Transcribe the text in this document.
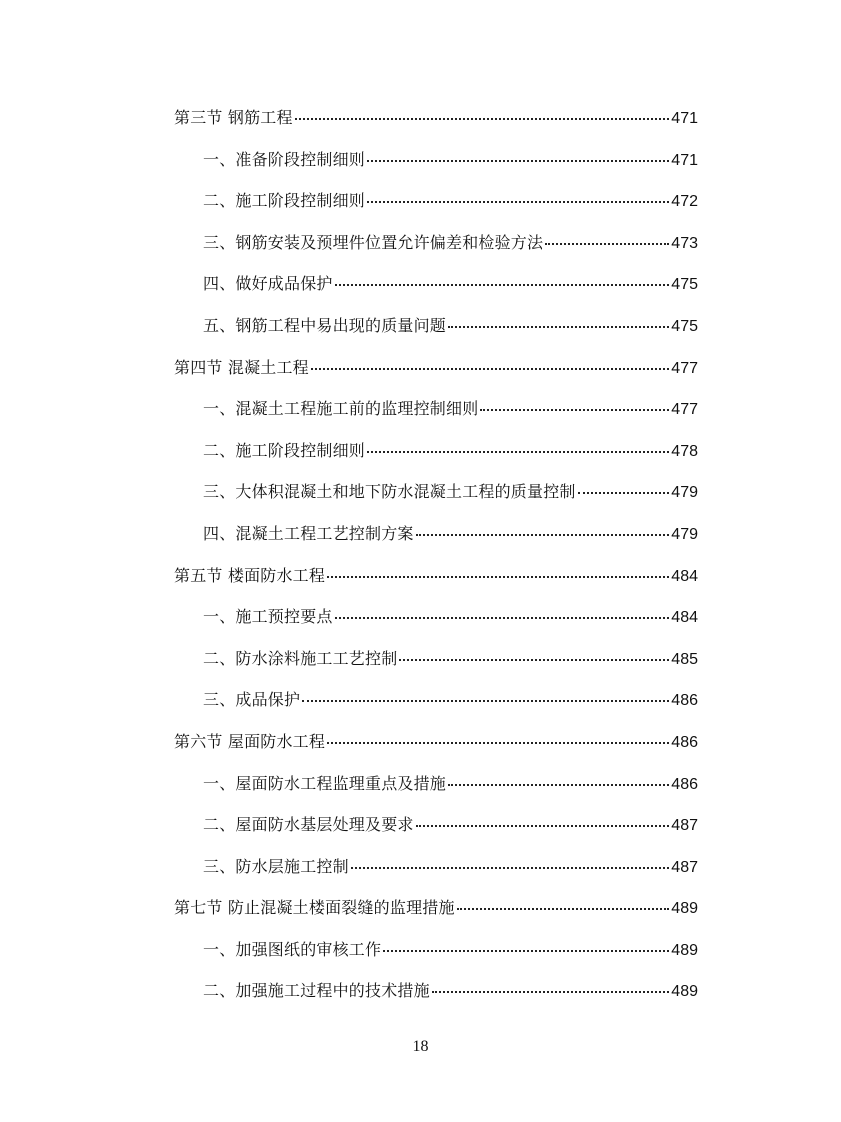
第三节 钢筋工程	471
一、准备阶段控制细则	471
二、施工阶段控制细则	472
三、钢筋安装及预埋件位置允许偏差和检验方法	473
四、做好成品保护	475
五、钢筋工程中易出现的质量问题	475
第四节 混凝土工程	477
一、混凝土工程施工前的监理控制细则	477
二、施工阶段控制细则	478
三、大体积混凝土和地下防水混凝土工程的质量控制	479
四、混凝土工程工艺控制方案	479
第五节 楼面防水工程	484
一、施工预控要点	484
二、防水涂料施工工艺控制	485
三、成品保护	486
第六节 屋面防水工程	486
一、屋面防水工程监理重点及措施	486
二、屋面防水基层处理及要求	487
三、防水层施工控制	487
第七节 防止混凝土楼面裂缝的监理措施	489
一、加强图纸的审核工作	489
二、加强施工过程中的技术措施	489
18
